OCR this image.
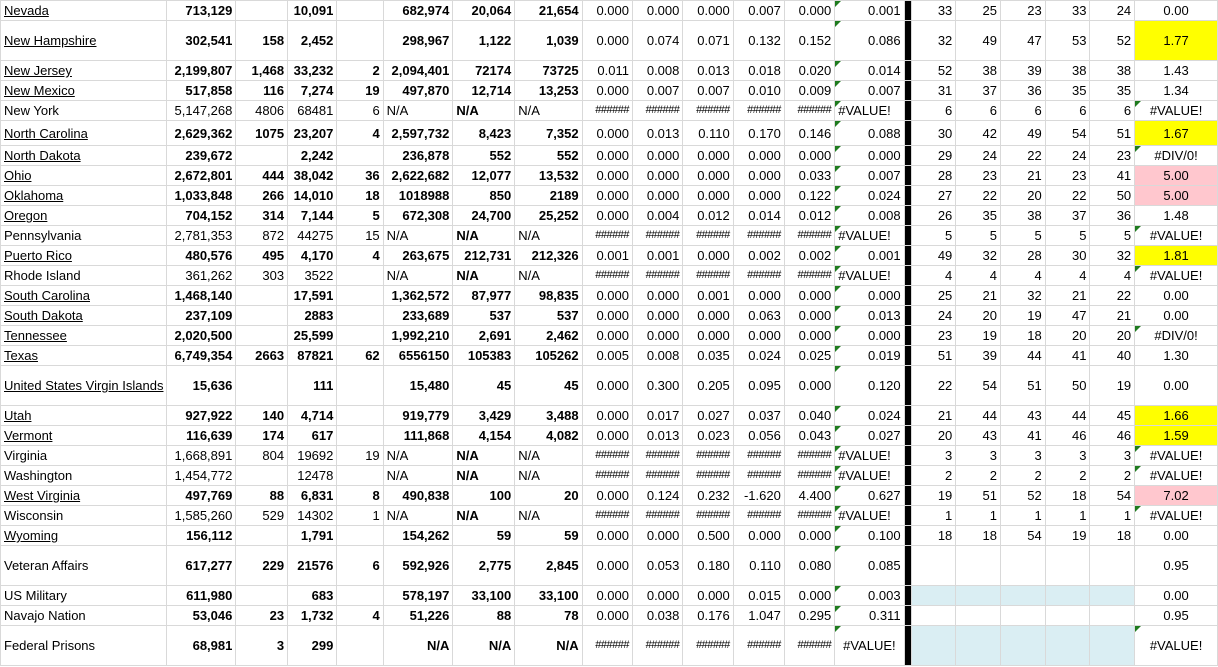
Nevada	713,129		10,091		682,974	20,064	21,654	0.000	0.000	0.000	0.007	0.000	0.001		33	25	23	33	24	0.00
New Hampshire	302,541	158	2,452		298,967	1,122	1,039	0.000	0.074	0.071	0.132	0.152	0.086		32	49	47	53	52	1.77
New Jersey	2,199,807	1,468	33,232	2	2,094,401	72174	73725	0.011	0.008	0.013	0.018	0.020	0.014		52	38	39	38	38	1.43
New Mexico	517,858	116	7,274	19	497,870	12,714	13,253	0.000	0.007	0.007	0.010	0.009	0.007		31	37	36	35	35	1.34
New York	5,147,268	4806	68481	6	N/A	N/A	N/A	######	######	######	######	######	#VALUE!		6	6	6	6	6	#VALUE!
North Carolina	2,629,362	1075	23,207	4	2,597,732	8,423	7,352	0.000	0.013	0.110	0.170	0.146	0.088		30	42	49	54	51	1.67
North Dakota	239,672		2,242		236,878	552	552	0.000	0.000	0.000	0.000	0.000	0.000		29	24	22	24	23	#DIV/0!
Ohio	2,672,801	444	38,042	36	2,622,682	12,077	13,532	0.000	0.000	0.000	0.000	0.033	0.007		28	23	21	23	41	5.00
Oklahoma	1,033,848	266	14,010	18	1018988	850	2189	0.000	0.000	0.000	0.000	0.122	0.024		27	22	20	22	50	5.00
Oregon	704,152	314	7,144	5	672,308	24,700	25,252	0.000	0.004	0.012	0.014	0.012	0.008		26	35	38	37	36	1.48
Pennsylvania	2,781,353	872	44275	15	N/A	N/A	N/A	######	######	######	######	######	#VALUE!		5	5	5	5	5	#VALUE!
Puerto Rico	480,576	495	4,170	4	263,675	212,731	212,326	0.001	0.001	0.000	0.002	0.002	0.001		49	32	28	30	32	1.81
Rhode Island	361,262	303	3522		N/A	N/A	N/A	######	######	######	######	######	#VALUE!		4	4	4	4	4	#VALUE!
South Carolina	1,468,140		17,591		1,362,572	87,977	98,835	0.000	0.000	0.001	0.000	0.000	0.000		25	21	32	21	22	0.00
South Dakota	237,109		2883		233,689	537	537	0.000	0.000	0.000	0.063	0.000	0.013		24	20	19	47	21	0.00
Tennessee	2,020,500		25,599		1,992,210	2,691	2,462	0.000	0.000	0.000	0.000	0.000	0.000		23	19	18	20	20	#DIV/0!
Texas	6,749,354	2663	87821	62	6556150	105383	105262	0.005	0.008	0.035	0.024	0.025	0.019		51	39	44	41	40	1.30
United States Virgin Islands	15,636		111		15,480	45	45	0.000	0.300	0.205	0.095	0.000	0.120		22	54	51	50	19	0.00
Utah	927,922	140	4,714		919,779	3,429	3,488	0.000	0.017	0.027	0.037	0.040	0.024		21	44	43	44	45	1.66
Vermont	116,639	174	617		111,868	4,154	4,082	0.000	0.013	0.023	0.056	0.043	0.027		20	43	41	46	46	1.59
Virginia	1,668,891	804	19692	19	N/A	N/A	N/A	######	######	######	######	######	#VALUE!		3	3	3	3	3	#VALUE!
Washington	1,454,772		12478		N/A	N/A	N/A	######	######	######	######	######	#VALUE!		2	2	2	2	2	#VALUE!
West Virginia	497,769	88	6,831	8	490,838	100	20	0.000	0.124	0.232	-1.620	4.400	0.627		19	51	52	18	54	7.02
Wisconsin	1,585,260	529	14302	1	N/A	N/A	N/A	######	######	######	######	######	#VALUE!		1	1	1	1	1	#VALUE!
Wyoming	156,112		1,791		154,262	59	59	0.000	0.000	0.500	0.000	0.000	0.100		18	18	54	19	18	0.00
Veteran Affairs	617,277	229	21576	6	592,926	2,775	2,845	0.000	0.053	0.180	0.110	0.080	0.085							0.95
US Military	611,980		683		578,197	33,100	33,100	0.000	0.000	0.000	0.015	0.000	0.003							0.00
Navajo Nation	53,046	23	1,732	4	51,226	88	78	0.000	0.038	0.176	1.047	0.295	0.311							0.95
Federal Prisons	68,981	3	299		N/A	N/A	N/A	######	######	######	######	######	#VALUE!							#VALUE!
